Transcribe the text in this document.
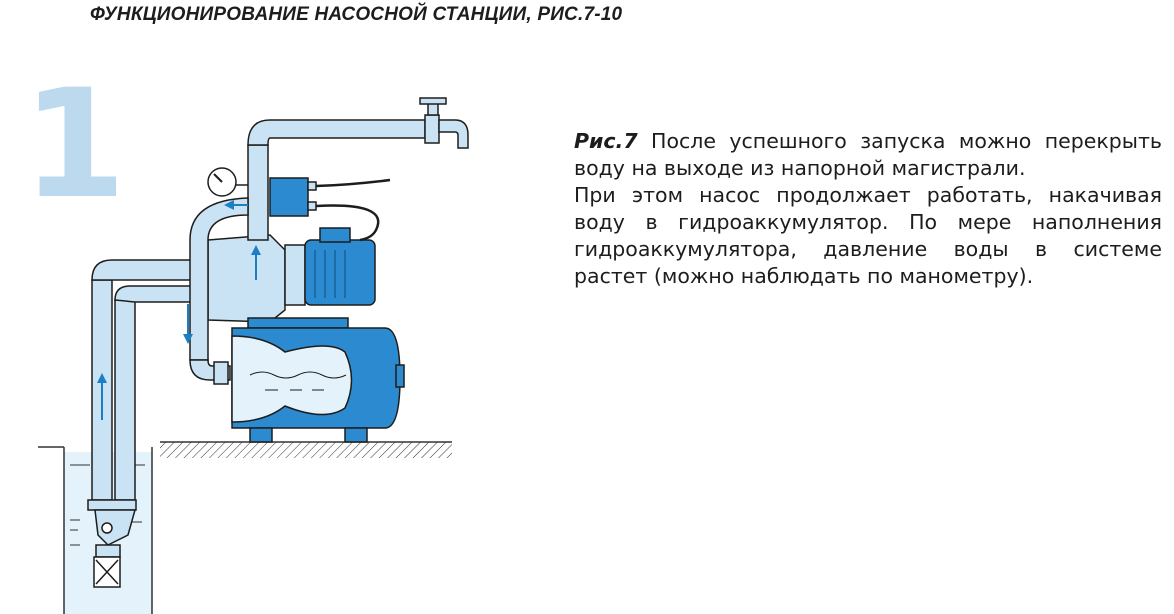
ФУНКЦИОНИРОВАНИЕ НАСОСНОЙ СТАНЦИИ, РИС.7-10
1	Рис.7 После успешного запуска можно перекрыть воду на выходе из напорной магистрали.

При этом насос продолжает работать, накачивая воду в гидроаккумулятор. По мере наполнения гидроаккумулятора, давление воды в системе растет (можно наблюдать по манометру).
